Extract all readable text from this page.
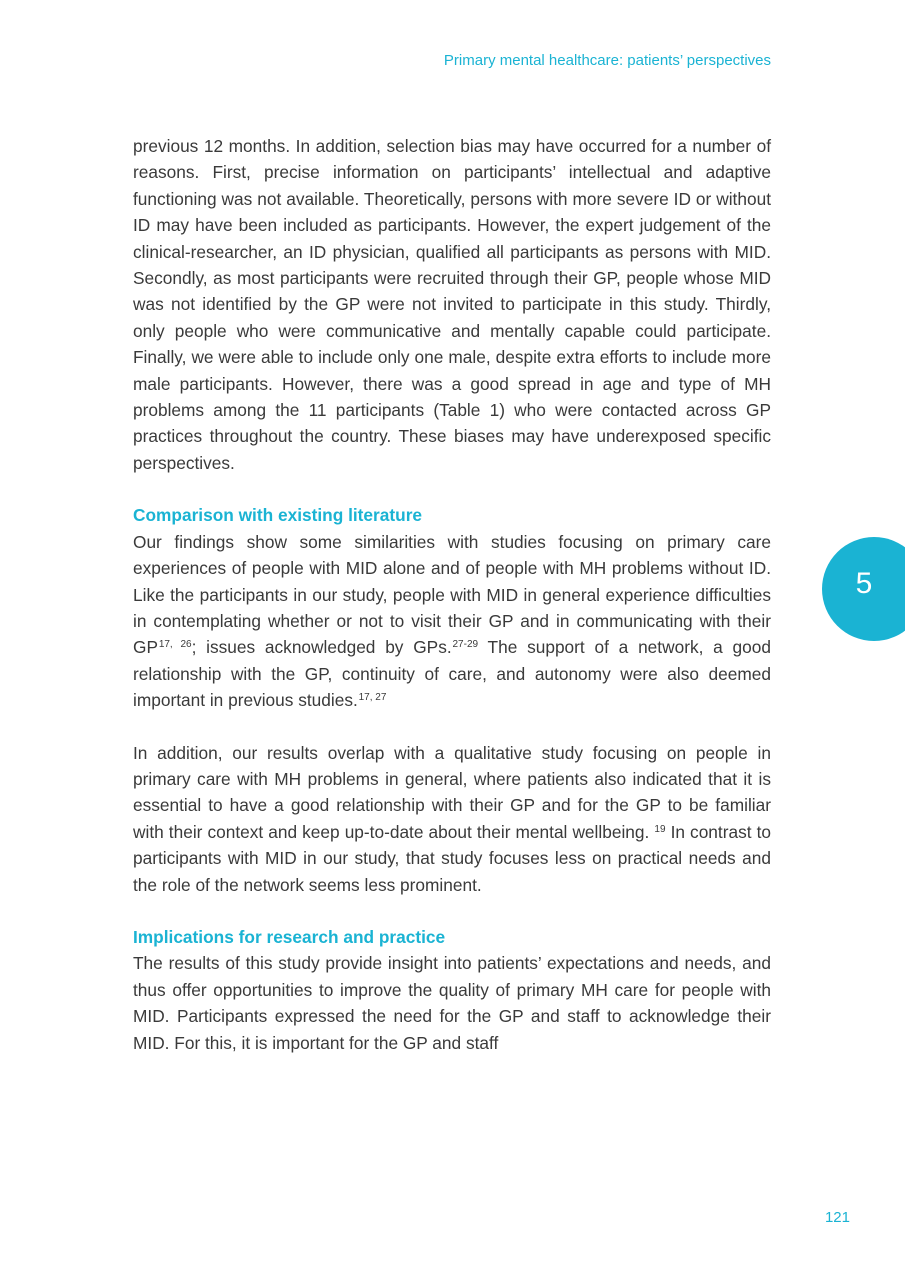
Primary mental healthcare: patients’ perspectives

previous 12 months. In addition, selection bias may have occurred for a number of reasons. First, precise information on participants’ intellectual and adaptive functioning was not available. Theoretically, persons with more severe ID or without ID may have been included as participants. However, the expert judgement of the clinical-researcher, an ID physician, qualified all participants as persons with MID. Secondly, as most participants were recruited through their GP, people whose MID was not identified by the GP were not invited to participate in this study. Thirdly, only people who were communicative and mentally capable could participate. Finally, we were able to include only one male, despite extra efforts to include more male participants. However, there was a good spread in age and type of MH problems among the 11 participants (Table 1) who were contacted across GP practices throughout the country. These biases may have underexposed specific perspectives.

Comparison with existing literature

Our findings show some similarities with studies focusing on primary care experiences of people with MID alone and of people with MH problems without ID. Like the participants in our study, people with MID in general experience difficulties in contemplating whether or not to visit their GP and in communicating with their GP $^{17, 26}$; issues acknowledged by GPs. $^{27-29}$ The support of a network, a good relationship with the GP, continuity of care, and autonomy were also deemed important in previous studies. $^{17, 27}$

In addition, our results overlap with a qualitative study focusing on people in primary care with MH problems in general, where patients also indicated that it is essential to have a good relationship with their GP and for the GP to be familiar with their context and keep up-to-date about their mental wellbeing. $^{19}$ In contrast to participants with MID in our study, that study focuses less on practical needs and the role of the network seems less prominent.

Implications for research and practice

The results of this study provide insight into patients’ expectations and needs, and thus offer opportunities to improve the quality of primary MH care for people with MID. Participants expressed the need for the GP and staff to acknowledge their MID. For this, it is important for the GP and staff

5
121
